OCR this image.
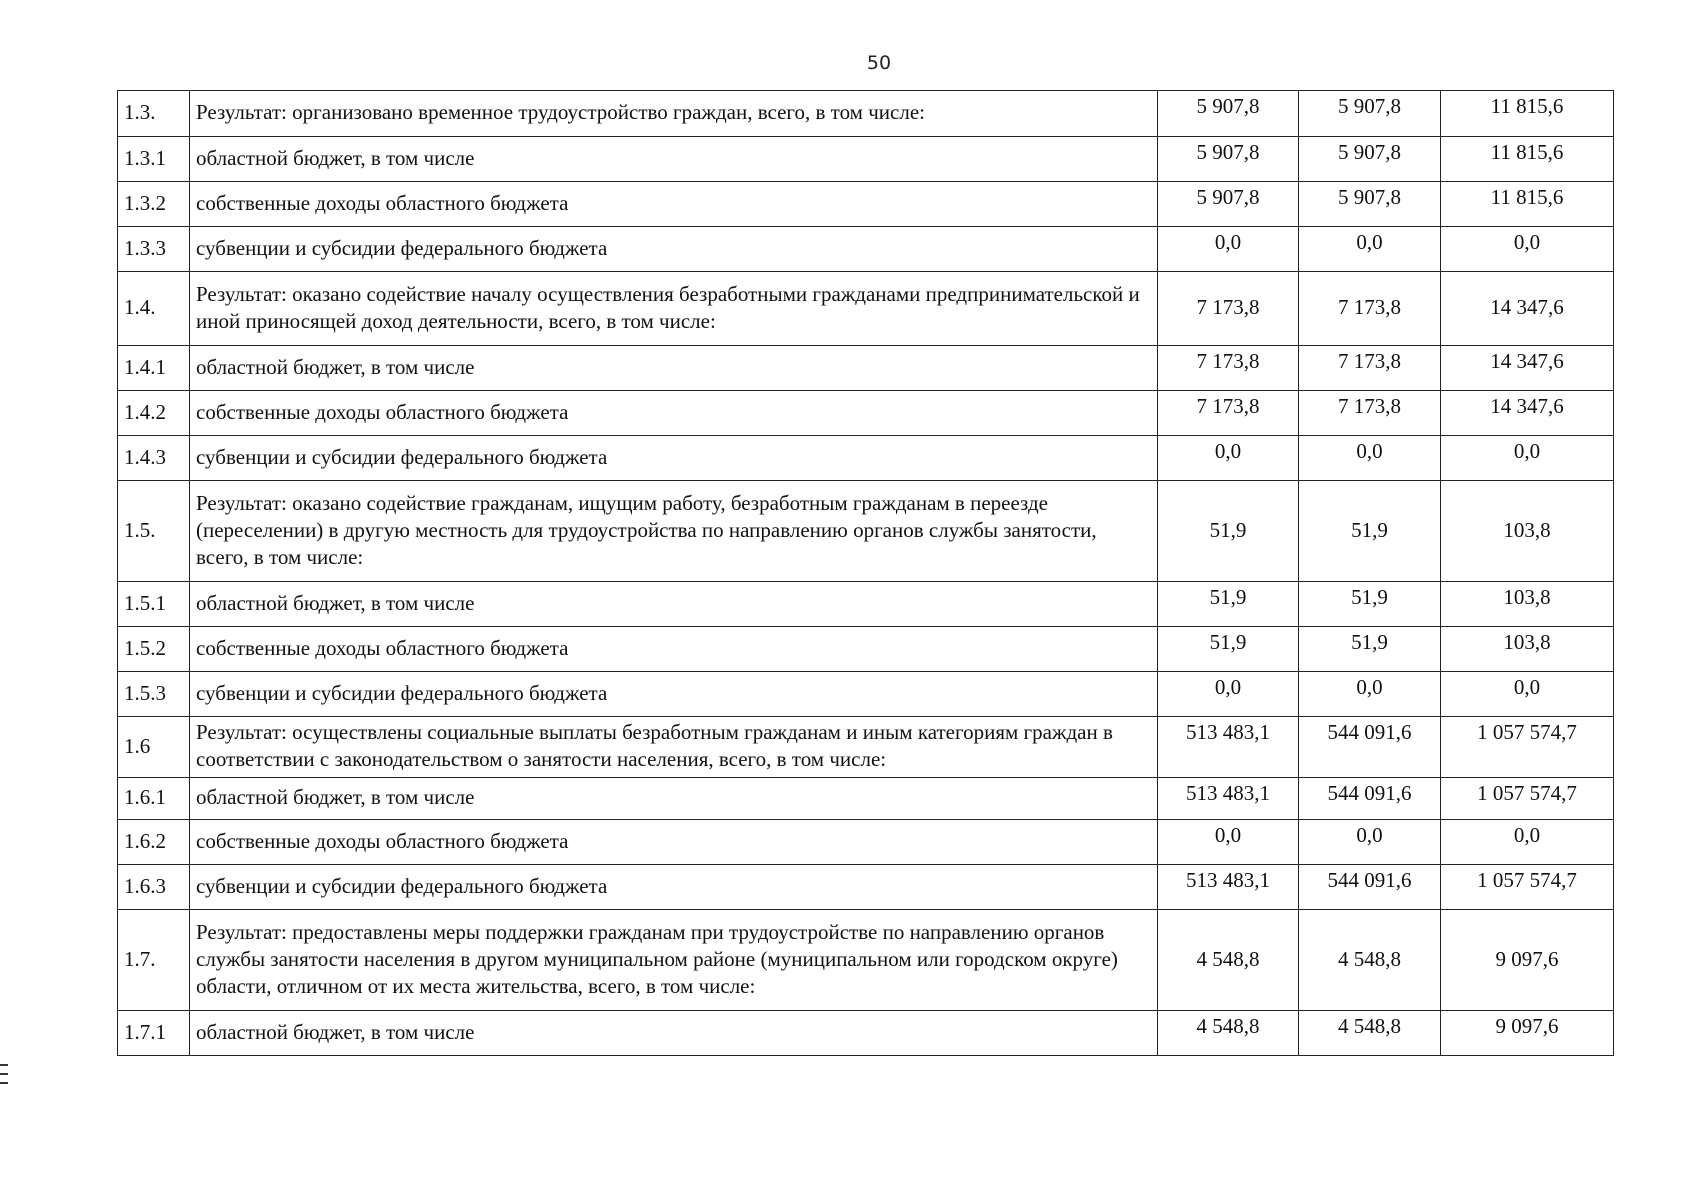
50
1.3.	Результат: организовано временное трудоустройство граждан, всего, в том числе:	5 907,8	5 907,8	11 815,6
1.3.1	областной бюджет, в том числе	5 907,8	5 907,8	11 815,6
1.3.2	собственные доходы областного бюджета	5 907,8	5 907,8	11 815,6
1.3.3	субвенции и субсидии федерального бюджета	0,0	0,0	0,0
1.4.	Результат: оказано содействие началу осуществления безработными гражданами предпринимательской и иной приносящей доход деятельности, всего, в том числе:	7 173,8	7 173,8	14 347,6
1.4.1	областной бюджет, в том числе	7 173,8	7 173,8	14 347,6
1.4.2	собственные доходы областного бюджета	7 173,8	7 173,8	14 347,6
1.4.3	субвенции и субсидии федерального бюджета	0,0	0,0	0,0
1.5.	Результат: оказано содействие гражданам, ищущим работу, безработным гражданам в переезде (переселении) в другую местность для трудоустройства по направлению органов службы занятости, всего, в том числе:	51,9	51,9	103,8
1.5.1	областной бюджет, в том числе	51,9	51,9	103,8
1.5.2	собственные доходы областного бюджета	51,9	51,9	103,8
1.5.3	субвенции и субсидии федерального бюджета	0,0	0,0	0,0
1.6	Результат: осуществлены социальные выплаты безработным гражданам и иным категориям граждан в соответствии с законодательством о занятости населения, всего, в том числе:	513 483,1	544 091,6	1 057 574,7
1.6.1	областной бюджет, в том числе	513 483,1	544 091,6	1 057 574,7
1.6.2	собственные доходы областного бюджета	0,0	0,0	0,0
1.6.3	субвенции и субсидии федерального бюджета	513 483,1	544 091,6	1 057 574,7
1.7.	Результат: предоставлены меры поддержки гражданам при трудоустройстве по направлению органов службы занятости населения в другом муниципальном районе (муниципальном или городском округе) области, отличном от их места жительства, всего, в том числе:	4 548,8	4 548,8	9 097,6
1.7.1	областной бюджет, в том числе	4 548,8	4 548,8	9 097,6
